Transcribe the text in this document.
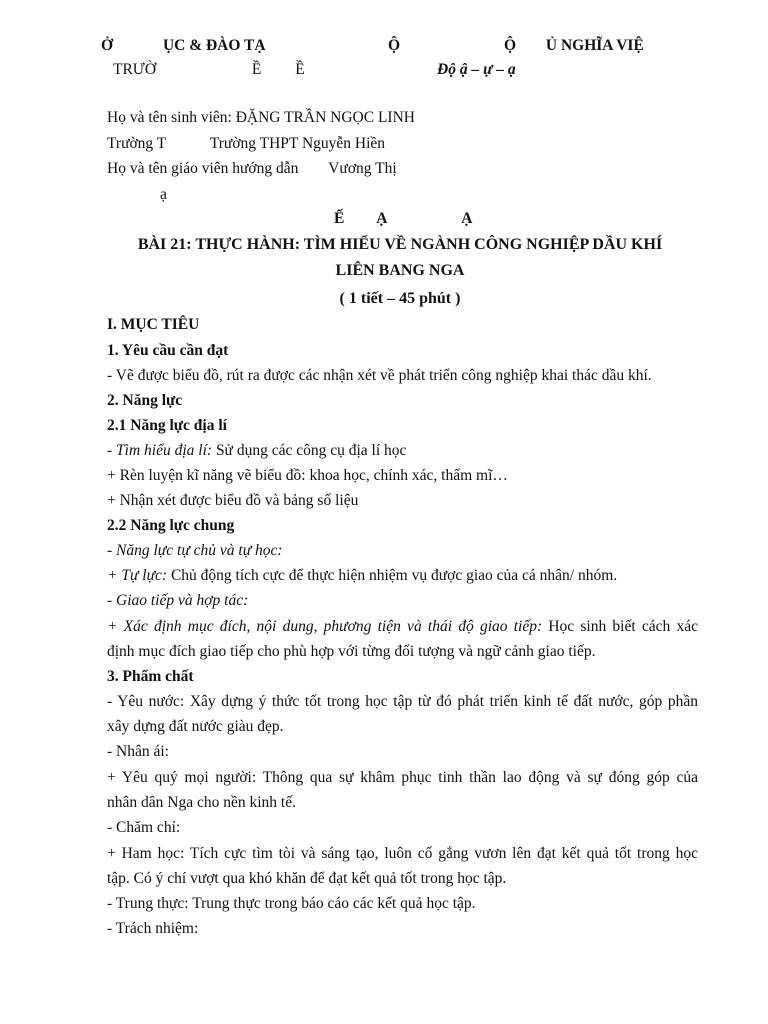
Ở	ỤC & ĐÀO TẠ	Ộ	Ộ Ủ NGHĨA VIỆ
TRƯỜ	Ề Ề	Độ ậ – ự – ạ
Họ và tên sinh viên: ĐẶNG TRẦN NGỌC LINH
Trường T	Trường THPT Nguyễn Hiền
Họ và tên giáo viên hướng dẫn Vương Thị
ạ
Ế Ạ	Ạ
BÀI 21: THỰC HÀNH: TÌM HIỂU VỀ NGÀNH CÔNG NGHIỆP DẦU KHÍ
LIÊN BANG NGA
( 1 tiết – 45 phút )
I. MỤC TIÊU
1. Yêu cầu cần đạt
- Vẽ được biểu đồ, rút ra được các nhận xét về phát triển công nghiệp khai thác dầu khí.
2. Năng lực
2.1 Năng lực địa lí
- Tìm hiểu địa lí: Sử dụng các công cụ địa lí học
+ Rèn luyện kĩ năng vẽ biểu đồ: khoa học, chính xác, thẩm mĩ…
+ Nhận xét được biểu đồ và bảng số liệu
2.2 Năng lực chung
- Năng lực tự chủ và tự học:
+ Tự lực: Chủ động tích cực để thực hiện nhiệm vụ được giao của cá nhân/ nhóm.
- Giao tiếp và hợp tác:
+ Xác định mục đích, nội dung, phương tiện và thái độ giao tiếp: Học sinh biết cách xác
định mục đích giao tiếp cho phù hợp với từng đối tượng và ngữ cảnh giao tiếp.
3. Phẩm chất
- Yêu nước: Xây dựng ý thức tốt trong học tập từ đó phát triển kinh tế đất nước, góp phần
xây dựng đất nước giàu đẹp.
- Nhân ái:
+ Yêu quý mọi người: Thông qua sự khâm phục tinh thần lao động và sự đóng góp của
nhân dân Nga cho nền kinh tế.
- Chăm chỉ:
+ Ham học: Tích cực tìm tòi và sáng tạo, luôn cố gắng vươn lên đạt kết quả tốt trong học
tập. Có ý chí vượt qua khó khăn để đạt kết quả tốt trong học tập.
- Trung thực: Trung thực trong báo cáo các kết quả học tập.
- Trách nhiệm:
